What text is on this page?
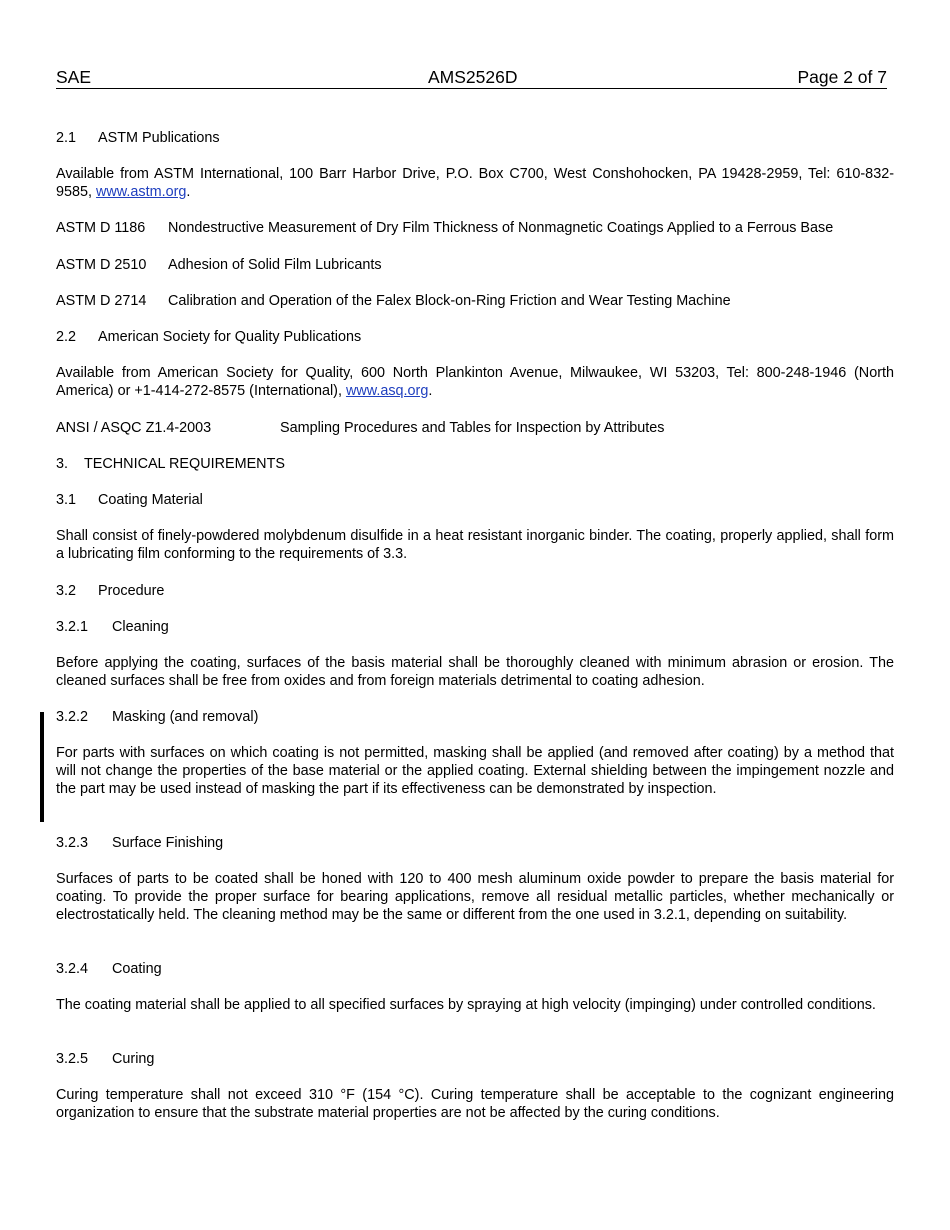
SAE	AMS2526D	Page 2 of 7
2.1 ASTM Publications
Available from ASTM International, 100 Barr Harbor Drive, P.O. Box C700, West Conshohocken, PA 19428-2959, Tel: 610-832-9585, www.astm.org.
ASTM D 1186 Nondestructive Measurement of Dry Film Thickness of Nonmagnetic Coatings Applied to a Ferrous Base
ASTM D 2510 Adhesion of Solid Film Lubricants
ASTM D 2714 Calibration and Operation of the Falex Block-on-Ring Friction and Wear Testing Machine
2.2 American Society for Quality Publications
Available from American Society for Quality, 600 North Plankinton Avenue, Milwaukee, WI 53203, Tel: 800-248-1946 (North America) or +1-414-272-8575 (International), www.asq.org.
ANSI / ASQC Z1.4-2003	Sampling Procedures and Tables for Inspection by Attributes
3. TECHNICAL REQUIREMENTS
3.1 Coating Material
Shall consist of finely-powdered molybdenum disulfide in a heat resistant inorganic binder. The coating, properly applied, shall form a lubricating film conforming to the requirements of 3.3.
3.2 Procedure
3.2.1 Cleaning
Before applying the coating, surfaces of the basis material shall be thoroughly cleaned with minimum abrasion or erosion. The cleaned surfaces shall be free from oxides and from foreign materials detrimental to coating adhesion.
3.2.2 Masking (and removal)
For parts with surfaces on which coating is not permitted, masking shall be applied (and removed after coating) by a method that will not change the properties of the base material or the applied coating. External shielding between the impingement nozzle and the part may be used instead of masking the part if its effectiveness can be demonstrated by inspection.
3.2.3 Surface Finishing
Surfaces of parts to be coated shall be honed with 120 to 400 mesh aluminum oxide powder to prepare the basis material for coating. To provide the proper surface for bearing applications, remove all residual metallic particles, whether mechanically or electrostatically held. The cleaning method may be the same or different from the one used in 3.2.1, depending on suitability.
3.2.4 Coating
The coating material shall be applied to all specified surfaces by spraying at high velocity (impinging) under controlled conditions.
3.2.5 Curing
Curing temperature shall not exceed 310 °F (154 °C). Curing temperature shall be acceptable to the cognizant engineering organization to ensure that the substrate material properties are not be affected by the curing conditions.
